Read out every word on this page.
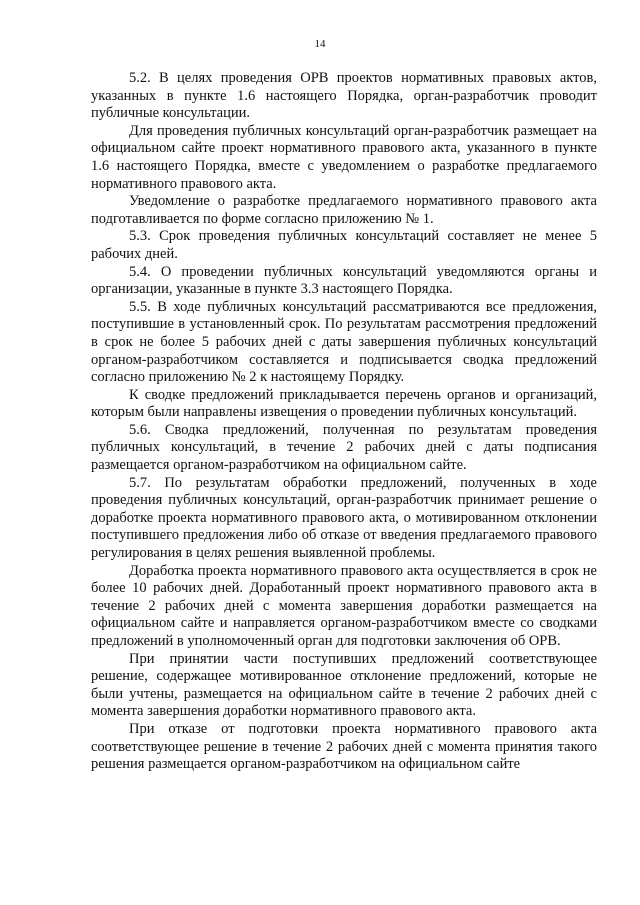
14

5.2. В целях проведения ОРВ проектов нормативных правовых актов, указанных в пункте 1.6 настоящего Порядка, орган-разработчик проводит публичные консультации.

Для проведения публичных консультаций орган-разработчик размещает на официальном сайте проект нормативного правового акта, указанного в пункте 1.6 настоящего Порядка, вместе с уведомлением о разработке предлагаемого нормативного правового акта.

Уведомление о разработке предлагаемого нормативного правового акта подготавливается по форме согласно приложению № 1.

5.3. Срок проведения публичных консультаций составляет не менее 5 рабочих дней.

5.4. О проведении публичных консультаций уведомляются органы и организации, указанные в пункте 3.3 настоящего Порядка.

5.5. В ходе публичных консультаций рассматриваются все предложения, поступившие в установленный срок. По результатам рассмотрения предложений в срок не более 5 рабочих дней с даты завершения публичных консультаций органом-разработчиком составляется и подписывается сводка предложений согласно приложению № 2 к настоящему Порядку.

К сводке предложений прикладывается перечень органов и организаций, которым были направлены извещения о проведении публичных консультаций.

5.6. Сводка предложений, полученная по результатам проведения публичных консультаций, в течение 2 рабочих дней с даты подписания размещается органом-разработчиком на официальном сайте.

5.7. По результатам обработки предложений, полученных в ходе проведения публичных консультаций, орган-разработчик принимает решение о доработке проекта нормативного правового акта, о мотивированном отклонении поступившего предложения либо об отказе от введения предлагаемого правового регулирования в целях решения выявленной проблемы.

Доработка проекта нормативного правового акта осуществляется в срок не более 10 рабочих дней. Доработанный проект нормативного правового акта в течение 2 рабочих дней с момента завершения доработки размещается на официальном сайте и направляется органом-разработчиком вместе со сводками предложений в уполномоченный орган для подготовки заключения об ОРВ.

При принятии части поступивших предложений соответствующее решение, содержащее мотивированное отклонение предложений, которые не были учтены, размещается на официальном сайте в течение 2 рабочих дней с момента завершения доработки нормативного правового акта.

При отказе от подготовки проекта нормативного правового акта соответствующее решение в течение 2 рабочих дней с момента принятия такого решения размещается органом-разработчиком на официальном сайте
